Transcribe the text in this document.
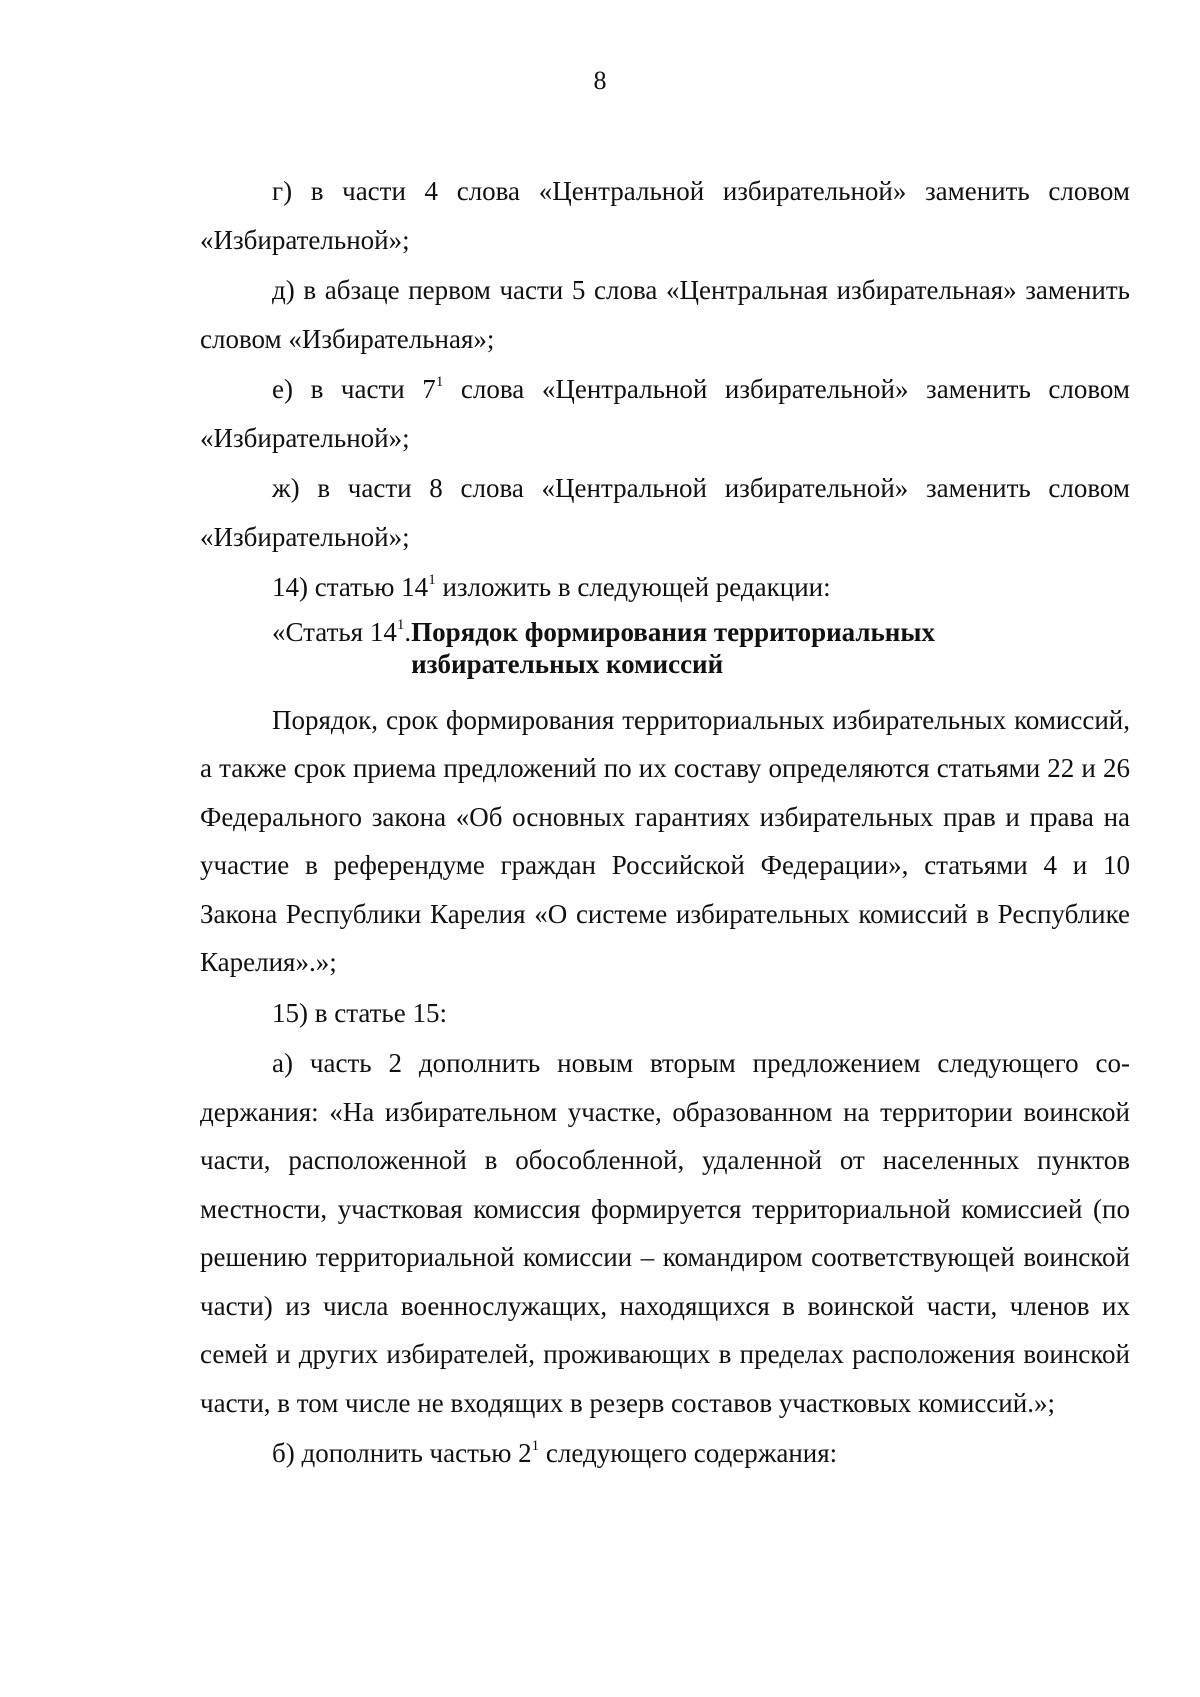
8

г) в части 4 слова «Центральной избирательной» заменить словом «Избирательной»;

д) в абзаце первом части 5 слова «Центральная избирательная» заменить словом «Избирательная»;

е) в части $7^1$ слова «Центральной избирательной» заменить словом «Избирательной»;

ж) в части 8 слова «Центральной избирательной» заменить словом «Избирательной»;

14) статью $14^1$ изложить в следующей редакции:

«Статья $14^1$. Порядок формирования территориальных
избирательных комиссий

Порядок, срок формирования территориальных избирательных комиссий, а также срок приема предложений по их составу определяются статьями 22 и 26 Федерального закона «Об основных гарантиях избирательных прав и права на участие в референдуме граждан Российской Федерации», статьями 4 и 10 Закона Республики Карелия «О системе избирательных комиссий в Республике Карелия».»;

15) в статье 15:

а) часть 2 дополнить новым вторым предложением следующего содержания: «На избирательном участке, образованном на территории воинской части, расположенной в обособленной, удаленной от населенных пунктов местности, участковая комиссия формируется территориальной комиссией (по решению территориальной комиссии – командиром соответствующей воинской части) из числа военнослужащих, находящихся в воинской части, членов их семей и других избирателей, проживающих в пределах расположения воинской части, в том числе не входящих в резерв составов участковых комиссий.»;

б) дополнить частью $2^1$ следующего содержания:
